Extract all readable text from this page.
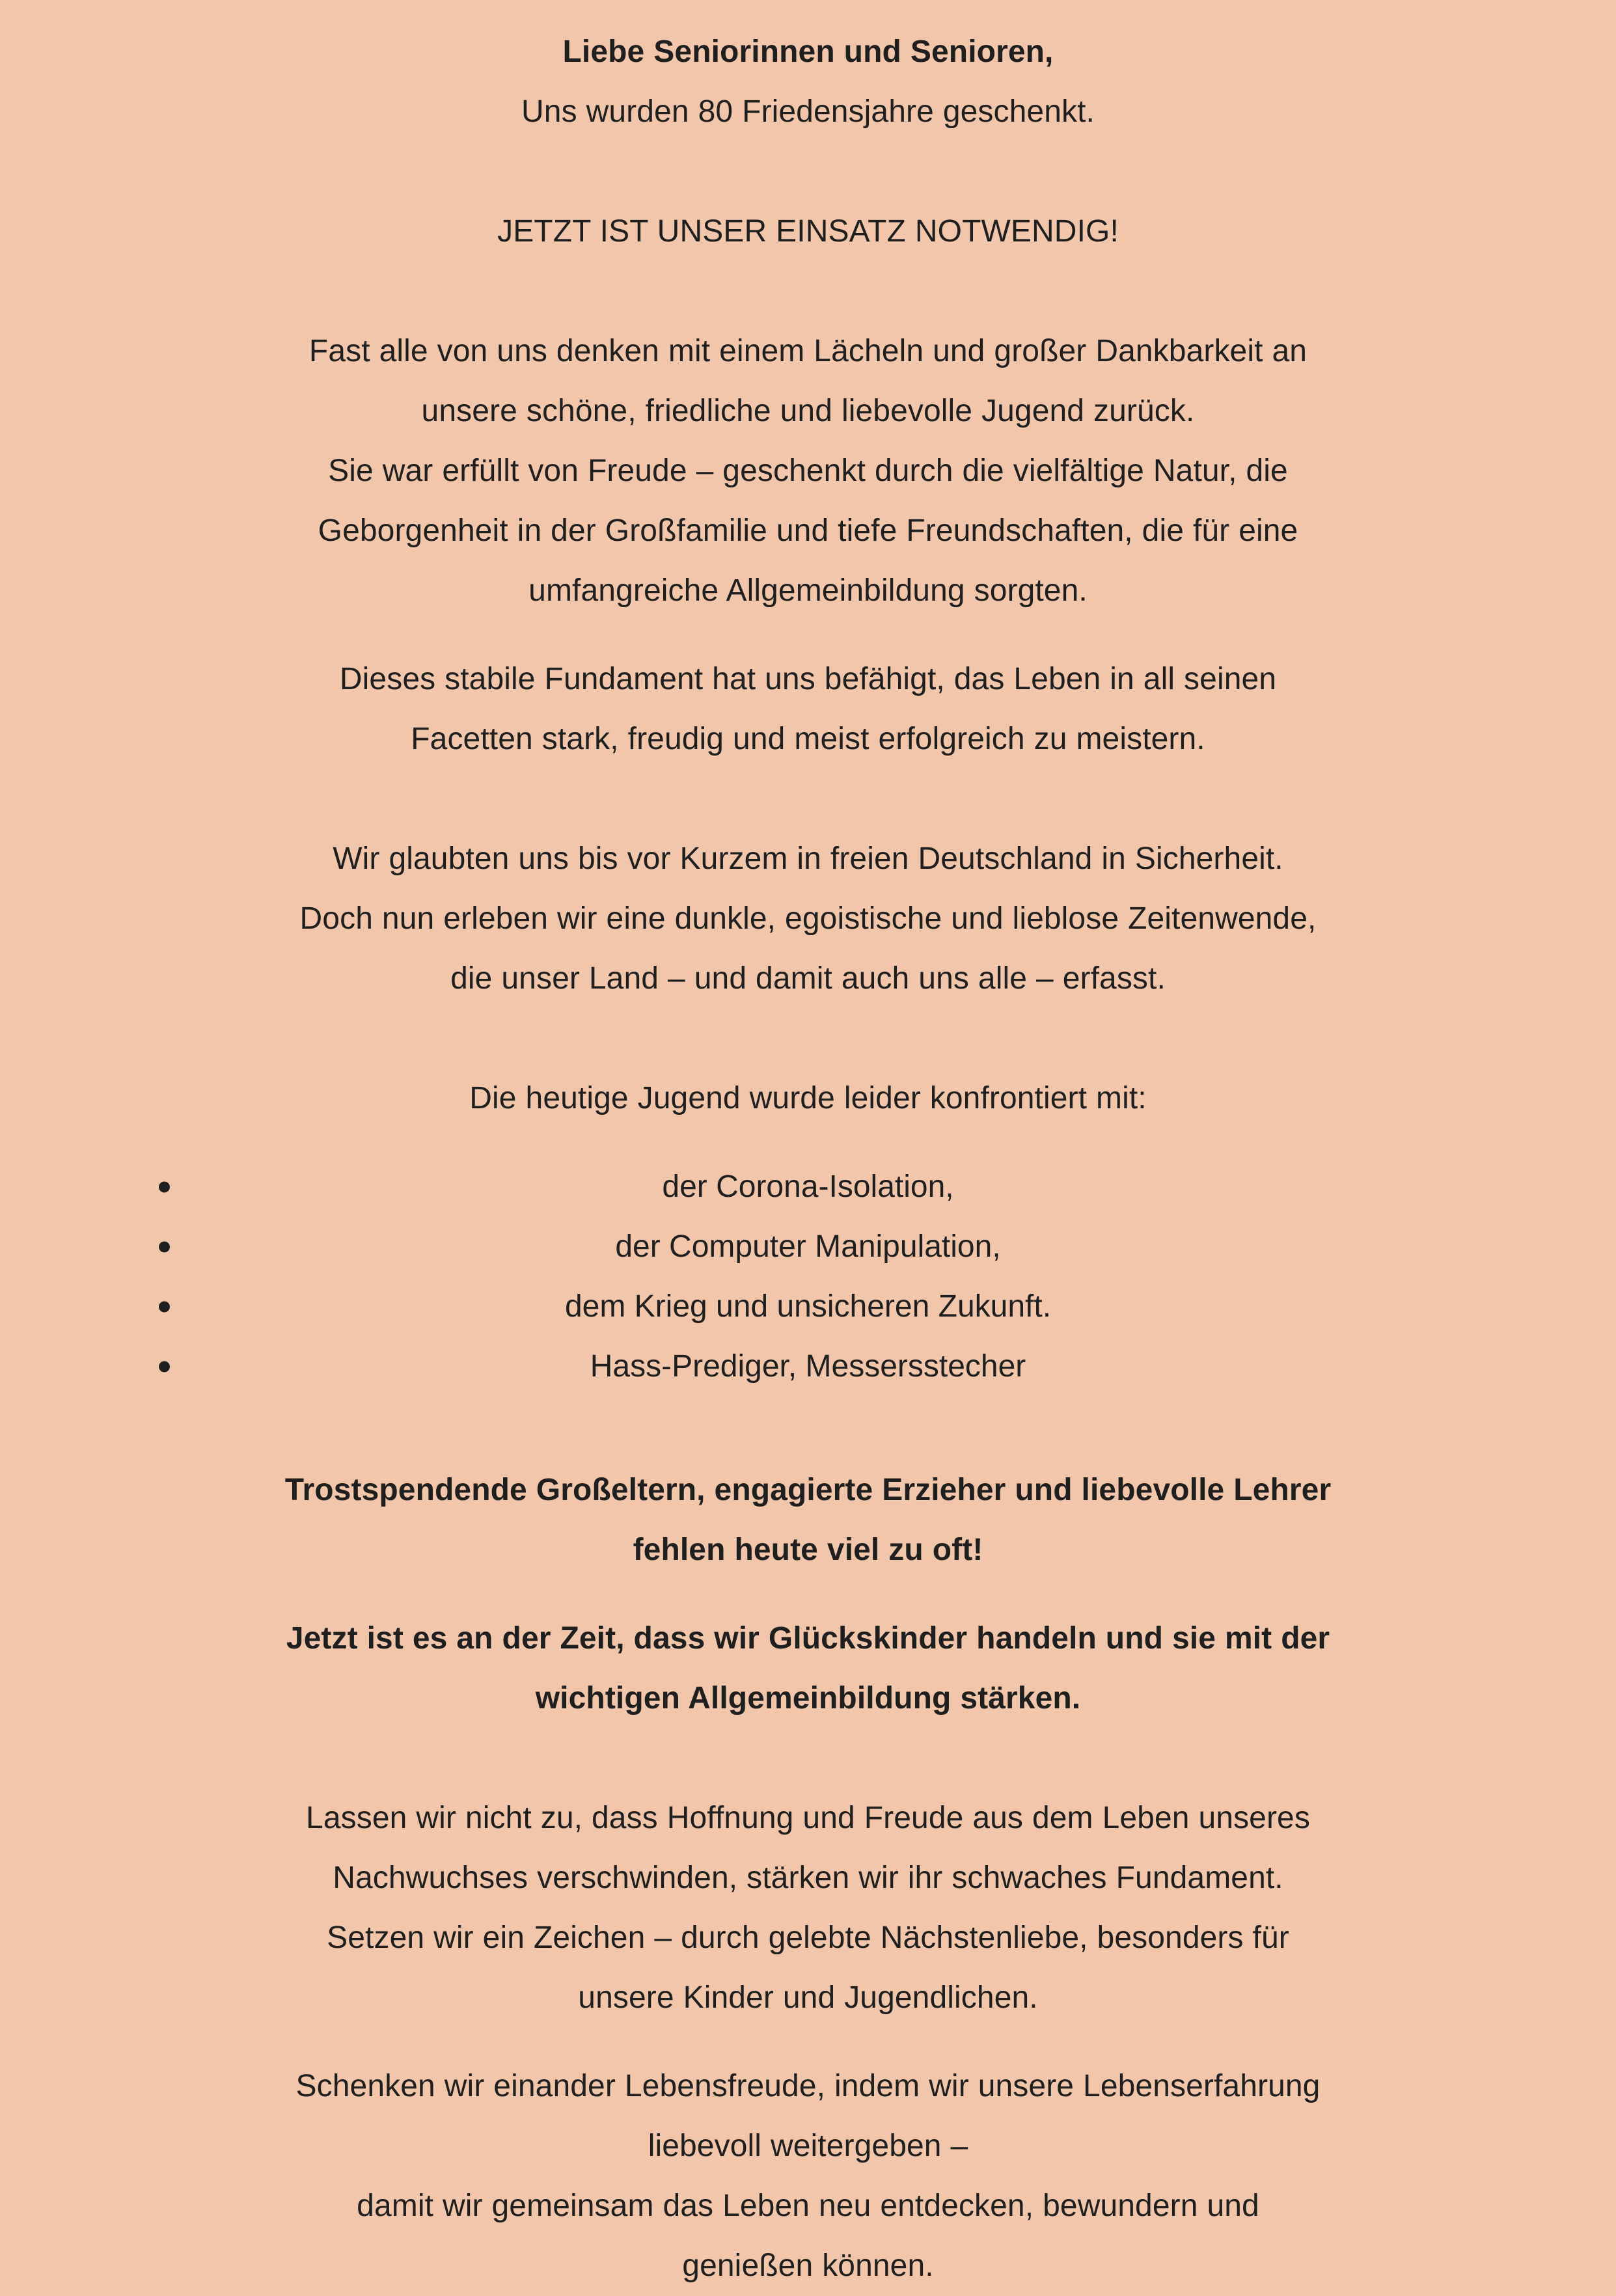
Liebe Seniorinnen und Senioren,

Uns wurden 80 Friedensjahre geschenkt.

JETZT IST UNSER EINSATZ NOTWENDIG!

Fast alle von uns denken mit einem Lächeln und großer Dankbarkeit an
unsere schöne, friedliche und liebevolle Jugend zurück.
Sie war erfüllt von Freude – geschenkt durch die vielfältige Natur, die
Geborgenheit in der Großfamilie und tiefe Freundschaften, die für eine
umfangreiche Allgemeinbildung sorgten.

Dieses stabile Fundament hat uns befähigt, das Leben in all seinen
Facetten stark, freudig und meist erfolgreich zu meistern.

Wir glaubten uns bis vor Kurzem in freien Deutschland in Sicherheit.
Doch nun erleben wir eine dunkle, egoistische und lieblose Zeitenwende,
die unser Land – und damit auch uns alle – erfasst.

Die heutige Jugend wurde leider konfrontiert mit:

der Corona-Isolation,
der Computer Manipulation,
dem Krieg und unsicheren Zukunft.
Hass-Prediger, Messersstecher

Trostspendende Großeltern, engagierte Erzieher und liebevolle Lehrer
fehlen heute viel zu oft!

Jetzt ist es an der Zeit, dass wir Glückskinder handeln und sie mit der
wichtigen Allgemeinbildung stärken.

Lassen wir nicht zu, dass Hoffnung und Freude aus dem Leben unseres
Nachwuchses verschwinden, stärken wir ihr schwaches Fundament.
Setzen wir ein Zeichen – durch gelebte Nächstenliebe, besonders für
unsere Kinder und Jugendlichen.

Schenken wir einander Lebensfreude, indem wir unsere Lebenserfahrung
liebevoll weitergeben –
damit wir gemeinsam das Leben neu entdecken, bewundern und
genießen können.
